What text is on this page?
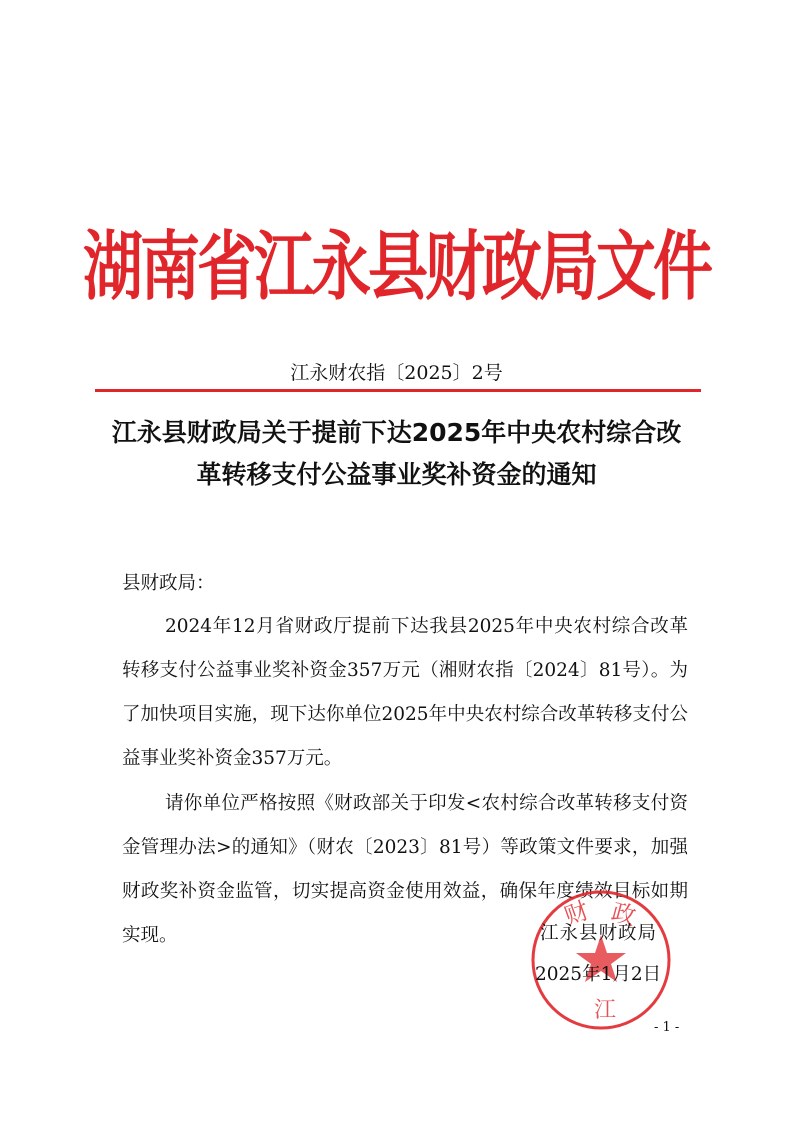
湖南省江永县财政局文件
江永财农指〔2025〕2号
江永县财政局关于提前下达2025年中央农村综合改革转移支付公益事业奖补资金的通知
县财政局：
2024年12月省财政厅提前下达我县2025年中央农村综合改革转移支付公益事业奖补资金357万元（湘财农指〔2024〕81号）。为了加快项目实施，现下达你单位2025年中央农村综合改革转移支付公益事业奖补资金357万元。
请你单位严格按照《财政部关于印发<农村综合改革转移支付资金管理办法>的通知》（财农〔2023〕81号）等政策文件要求，加强财政奖补资金监管，切实提高资金使用效益，确保年度绩效目标如期实现。
财 政
江
江永县财政局
2025年1月2日
- 1 -
